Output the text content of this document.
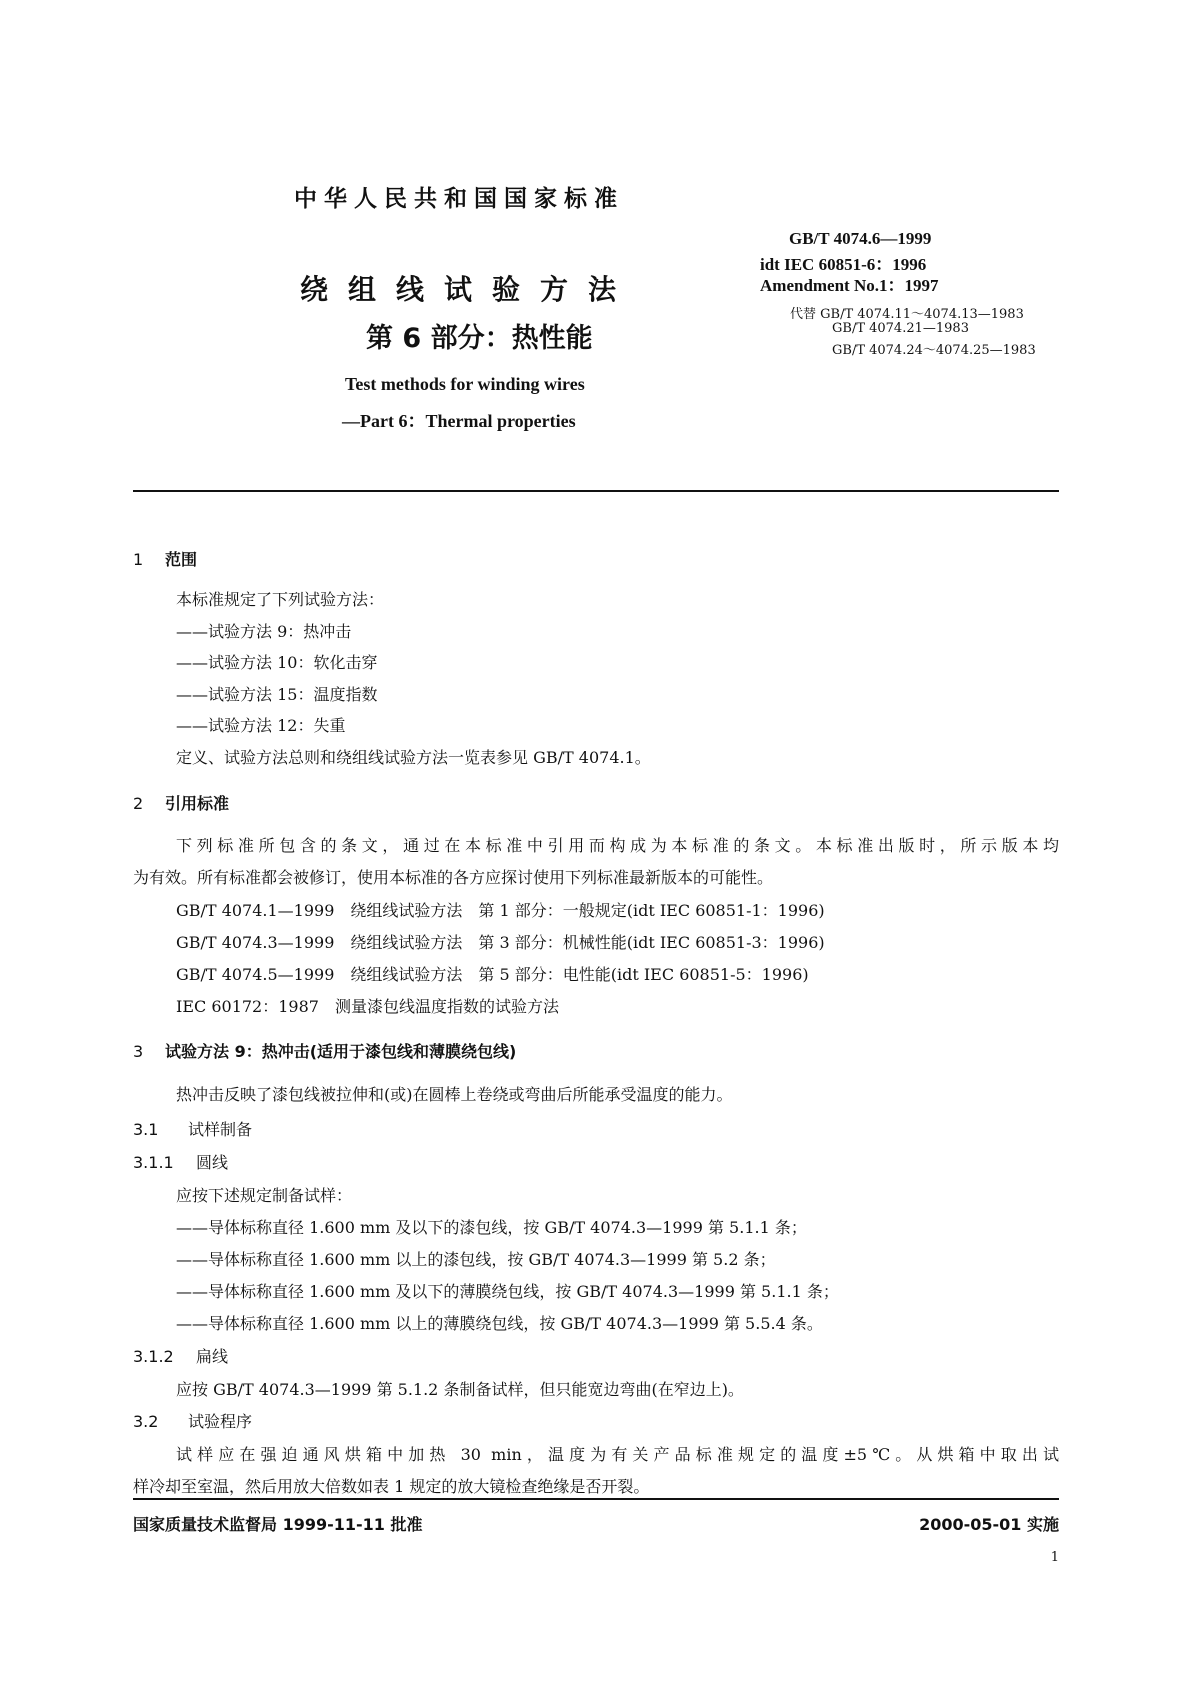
中华人民共和国国家标准
绕组线试验方法
第 6 部分：热性能
Test methods for winding wires
—Part 6：Thermal properties
GB/T 4074.6—1999
idt IEC 60851-6：1996
Amendment No.1：1997
代替 GB/T 4074.11～4074.13—1983
GB/T 4074.21—1983
GB/T 4074.24～4074.25—1983
1 范围
本标准规定了下列试验方法：
——试验方法 9：热冲击
——试验方法 10：软化击穿
——试验方法 15：温度指数
——试验方法 12：失重
定义、试验方法总则和绕组线试验方法一览表参见 GB/T 4074.1。
2 引用标准
下列标准所包含的条文，通过在本标准中引用而构成为本标准的条文。本标准出版时，所示版本均
为有效。所有标准都会被修订，使用本标准的各方应探讨使用下列标准最新版本的可能性。
GB/T 4074.1—1999　绕组线试验方法　第 1 部分：一般规定(idt IEC 60851-1：1996)
GB/T 4074.3—1999　绕组线试验方法　第 3 部分：机械性能(idt IEC 60851-3：1996)
GB/T 4074.5—1999　绕组线试验方法　第 5 部分：电性能(idt IEC 60851-5：1996)
IEC 60172：1987　测量漆包线温度指数的试验方法
3 试验方法 9：热冲击(适用于漆包线和薄膜绕包线)
热冲击反映了漆包线被拉伸和(或)在圆棒上卷绕或弯曲后所能承受温度的能力。
3.1 试样制备
3.1.1 圆线
应按下述规定制备试样：
——导体标称直径 1.600 mm 及以下的漆包线，按 GB/T 4074.3—1999 第 5.1.1 条；
——导体标称直径 1.600 mm 以上的漆包线，按 GB/T 4074.3—1999 第 5.2 条；
——导体标称直径 1.600 mm 及以下的薄膜绕包线，按 GB/T 4074.3—1999 第 5.1.1 条；
——导体标称直径 1.600 mm 以上的薄膜绕包线，按 GB/T 4074.3—1999 第 5.5.4 条。
3.1.2 扁线
应按 GB/T 4074.3—1999 第 5.1.2 条制备试样，但只能宽边弯曲(在窄边上)。
3.2 试验程序
试样应在强迫通风烘箱中加热 30 min，温度为有关产品标准规定的温度±5℃。从烘箱中取出试
样冷却至室温，然后用放大倍数如表 1 规定的放大镜检查绝缘是否开裂。
国家质量技术监督局 1999-11-11 批准	2000-05-01 实施
1
